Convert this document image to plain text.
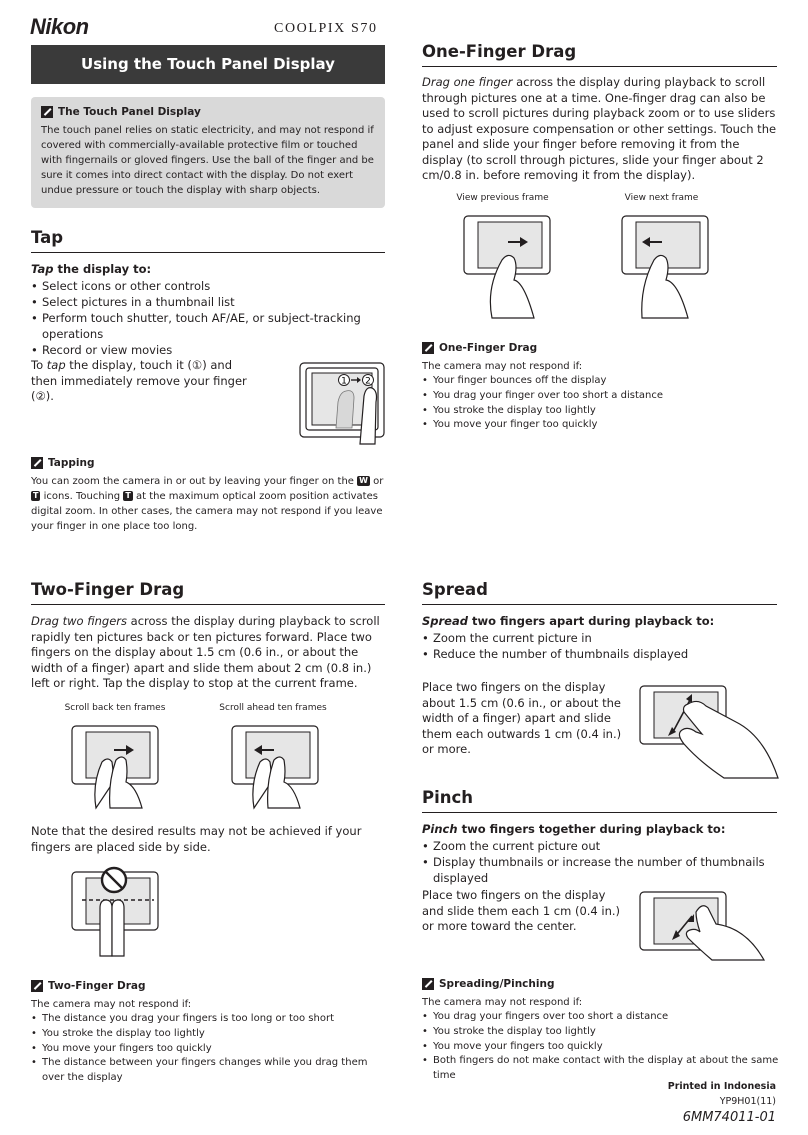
Nikon	COOLPIX S70
Using the Touch Panel Display
The Touch Panel Display
The touch panel relies on static electricity, and may not respond if covered with commercially-available protective film or touched with fingernails or gloved fingers. Use the ball of the finger and be sure it comes into direct contact with the display. Do not exert undue pressure or touch the display with sharp objects.
Tap
Tap the display to:
• Select icons or other controls
• Select pictures in a thumbnail list
• Perform touch shutter, touch AF/AE, or subject-tracking operations
• Record or view movies
To tap the display, touch it (①) and then immediately remove your finger (②).
1 2
Tapping
You can zoom the camera in or out by leaving your finger on the W or T icons. Touching T at the maximum optical zoom position activates digital zoom. In other cases, the camera may not respond if you leave your finger in one place too long.
One-Finger Drag
Drag one finger across the display during playback to scroll through pictures one at a time. One-finger drag can also be used to scroll pictures during playback zoom or to use sliders to adjust exposure compensation or other settings. Touch the panel and slide your finger before removing it from the display (to scroll through pictures, slide your finger about 2 cm/0.8 in. before removing it from the display).
View previous frame	View next frame
One-Finger Drag
The camera may not respond if:
• Your finger bounces off the display
• You drag your finger over too short a distance
• You stroke the display too lightly
• You move your finger too quickly
Two-Finger Drag
Drag two fingers across the display during playback to scroll rapidly ten pictures back or ten pictures forward. Place two fingers on the display about 1.5 cm (0.6 in., or about the width of a finger) apart and slide them about 2 cm (0.8 in.) left or right. Tap the display to stop at the current frame.
Scroll back ten frames	Scroll ahead ten frames
Note that the desired results may not be achieved if your fingers are placed side by side.
Two-Finger Drag
The camera may not respond if:
• The distance you drag your fingers is too long or too short
• You stroke the display too lightly
• You move your fingers too quickly
• The distance between your fingers changes while you drag them over the display
Spread
Spread two fingers apart during playback to:
• Zoom the current picture in
• Reduce the number of thumbnails displayed
Place two fingers on the display about 1.5 cm (0.6 in., or about the width of a finger) apart and slide them each outwards 1 cm (0.4 in.) or more.
Pinch
Pinch two fingers together during playback to:
• Zoom the current picture out
• Display thumbnails or increase the number of thumbnails displayed
Place two fingers on the display and slide them each 1 cm (0.4 in.) or more toward the center.
Spreading/Pinching
The camera may not respond if:
• You drag your fingers over too short a distance
• You stroke the display too lightly
• You move your fingers too quickly
• Both fingers do not make contact with the display at about the same time
Printed in Indonesia
YP9H01(11)
6MM74011-01
